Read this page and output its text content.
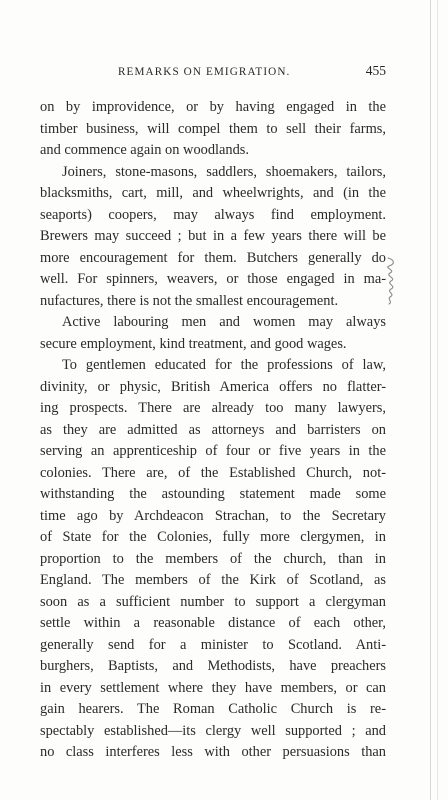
REMARKS ON EMIGRATION.	455

on by improvidence, or by having engaged in the
timber business, will compel them to sell their farms,
and commence again on woodlands.

Joiners, stone-masons, saddlers, shoemakers, tailors,
blacksmiths, cart, mill, and wheelwrights, and (in the
seaports) coopers, may always find employment.
Brewers may succeed ; but in a few years there will be
more encouragement for them. Butchers generally do
well. For spinners, weavers, or those engaged in ma-
nufactures, there is not the smallest encouragement.

Active labouring men and women may always
secure employment, kind treatment, and good wages.

To gentlemen educated for the professions of law,
divinity, or physic, British America offers no flatter-
ing prospects. There are already too many lawyers,
as they are admitted as attorneys and barristers on
serving an apprenticeship of four or five years in the
colonies. There are, of the Established Church, not-
withstanding the astounding statement made some
time ago by Archdeacon Strachan, to the Secretary
of State for the Colonies, fully more clergymen, in
proportion to the members of the church, than in
England. The members of the Kirk of Scotland, as
soon as a sufficient number to support a clergyman
settle within a reasonable distance of each other,
generally send for a minister to Scotland. Anti-
burghers, Baptists, and Methodists, have preachers
in every settlement where they have members, or can
gain hearers. The Roman Catholic Church is re-
spectably established—its clergy well supported ; and
no class interferes less with other persuasions than
